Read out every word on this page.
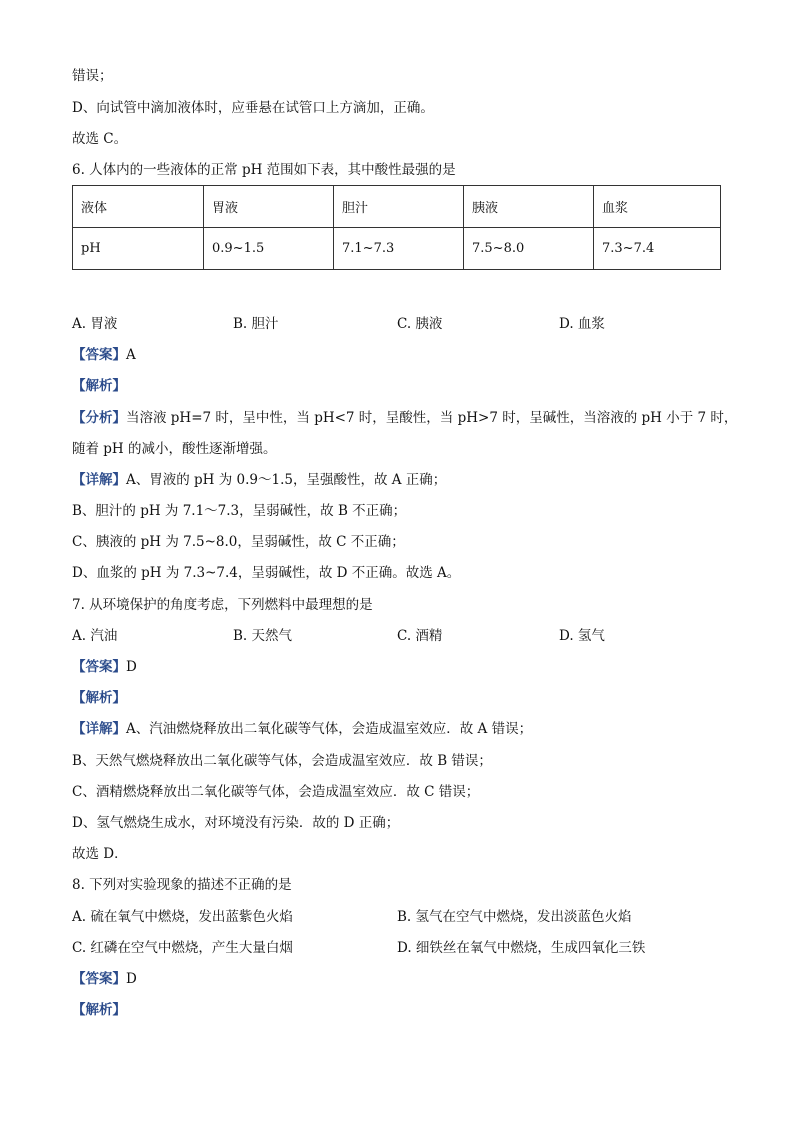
错误；
D、向试管中滴加液体时，应垂悬在试管口上方滴加，正确。
故选 C。
6. 人体内的一些液体的正常 pH 范围如下表，其中酸性最强的是
液体	胃液	胆汁	胰液	血浆
pH	0.9~1.5	7.1~7.3	7.5~8.0	7.3~7.4
A. 胃液	B. 胆汁	C. 胰液	D. 血浆
【答案】A
【解析】
【分析】当溶液 pH=7 时，呈中性，当 pH<7 时，呈酸性，当 pH>7 时，呈碱性，当溶液的 pH 小于 7 时，
随着 pH 的减小，酸性逐渐增强。
【详解】A、胃液的 pH 为 0.9～1.5，呈强酸性，故 A 正确；
B、胆汁的 pH 为 7.1～7.3，呈弱碱性，故 B 不正确；
C、胰液的 pH 为 7.5~8.0，呈弱碱性，故 C 不正确；
D、血浆的 pH 为 7.3~7.4，呈弱碱性，故 D 不正确。故选 A。
7. 从环境保护的角度考虑，下列燃料中最理想的是
A. 汽油	B. 天然气	C. 酒精	D. 氢气
【答案】D
【解析】
【详解】A、汽油燃烧释放出二氧化碳等气体，会造成温室效应．故 A 错误；
B、天然气燃烧释放出二氧化碳等气体，会造成温室效应．故 B 错误；
C、酒精燃烧释放出二氧化碳等气体，会造成温室效应．故 C 错误；
D、氢气燃烧生成水，对环境没有污染．故的 D 正确；
故选 D．
8. 下列对实验现象的描述不正确的是
A. 硫在氧气中燃烧，发出蓝紫色火焰	B. 氢气在空气中燃烧，发出淡蓝色火焰
C. 红磷在空气中燃烧，产生大量白烟	D. 细铁丝在氧气中燃烧，生成四氧化三铁
【答案】D
【解析】
